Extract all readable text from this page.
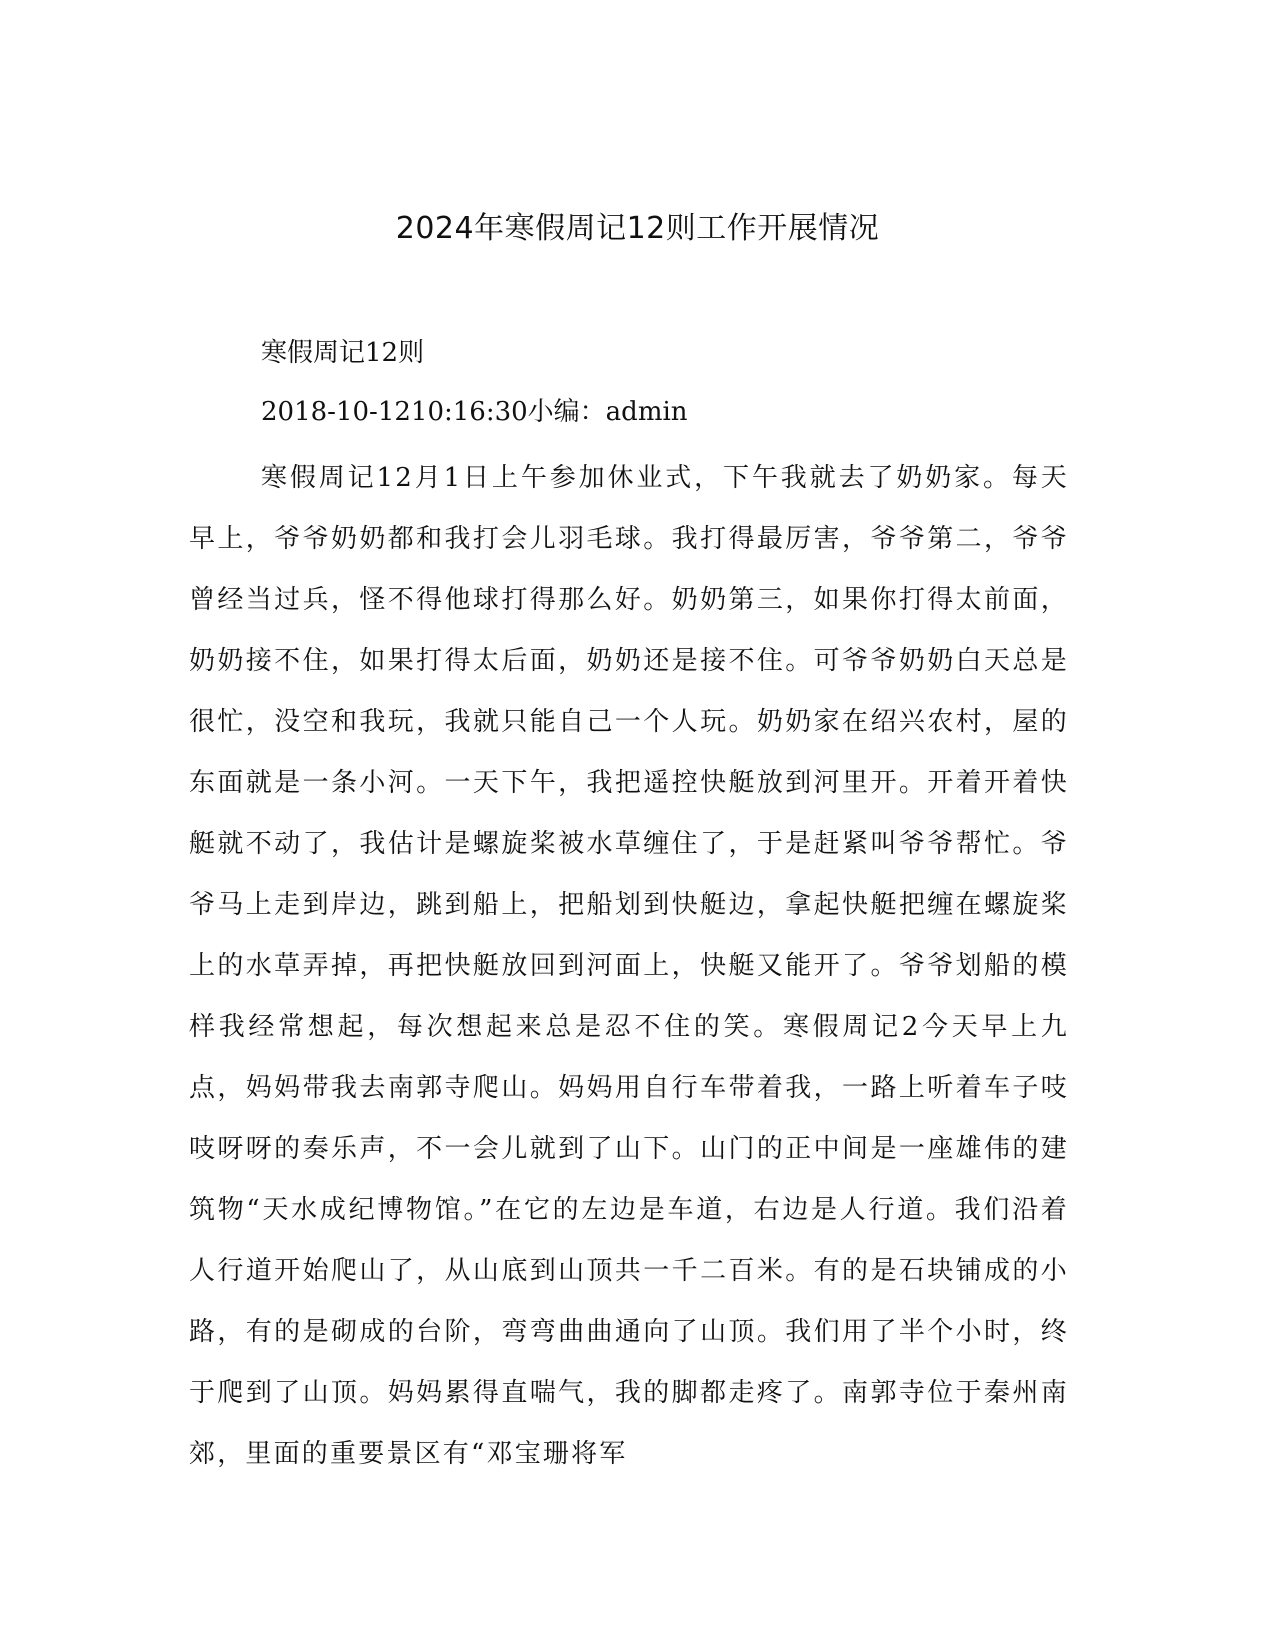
2024年寒假周记12则工作开展情况
寒假周记12则
2018-10-1210:16:30小编：admin

寒假周记12月1日上午参加休业式，下午我就去了奶奶家。每天早上，爷爷奶奶都和我打会儿羽毛球。我打得最厉害，爷爷第二，爷爷曾经当过兵，怪不得他球打得那么好。奶奶第三，如果你打得太前面，奶奶接不住，如果打得太后面，奶奶还是接不住。可爷爷奶奶白天总是很忙，没空和我玩，我就只能自己一个人玩。奶奶家在绍兴农村，屋的东面就是一条小河。一天下午，我把遥控快艇放到河里开。开着开着快艇就不动了，我估计是螺旋桨被水草缠住了，于是赶紧叫爷爷帮忙。爷爷马上走到岸边，跳到船上，把船划到快艇边，拿起快艇把缠在螺旋桨上的水草弄掉，再把快艇放回到河面上，快艇又能开了。爷爷划船的模样我经常想起，每次想起来总是忍不住的笑。寒假周记2今天早上九点，妈妈带我去南郭寺爬山。妈妈用自行车带着我，一路上听着车子吱吱呀呀的奏乐声，不一会儿就到了山下。山门的正中间是一座雄伟的建筑物“天水成纪博物馆。”在它的左边是车道，右边是人行道。我们沿着人行道开始爬山了，从山底到山顶共一千二百米。有的是石块铺成的小路，有的是砌成的台阶，弯弯曲曲通向了山顶。我们用了半个小时，终于爬到了山顶。妈妈累得直喘气，我的脚都走疼了。南郭寺位于秦州南郊，里面的重要景区有“邓宝珊将军
